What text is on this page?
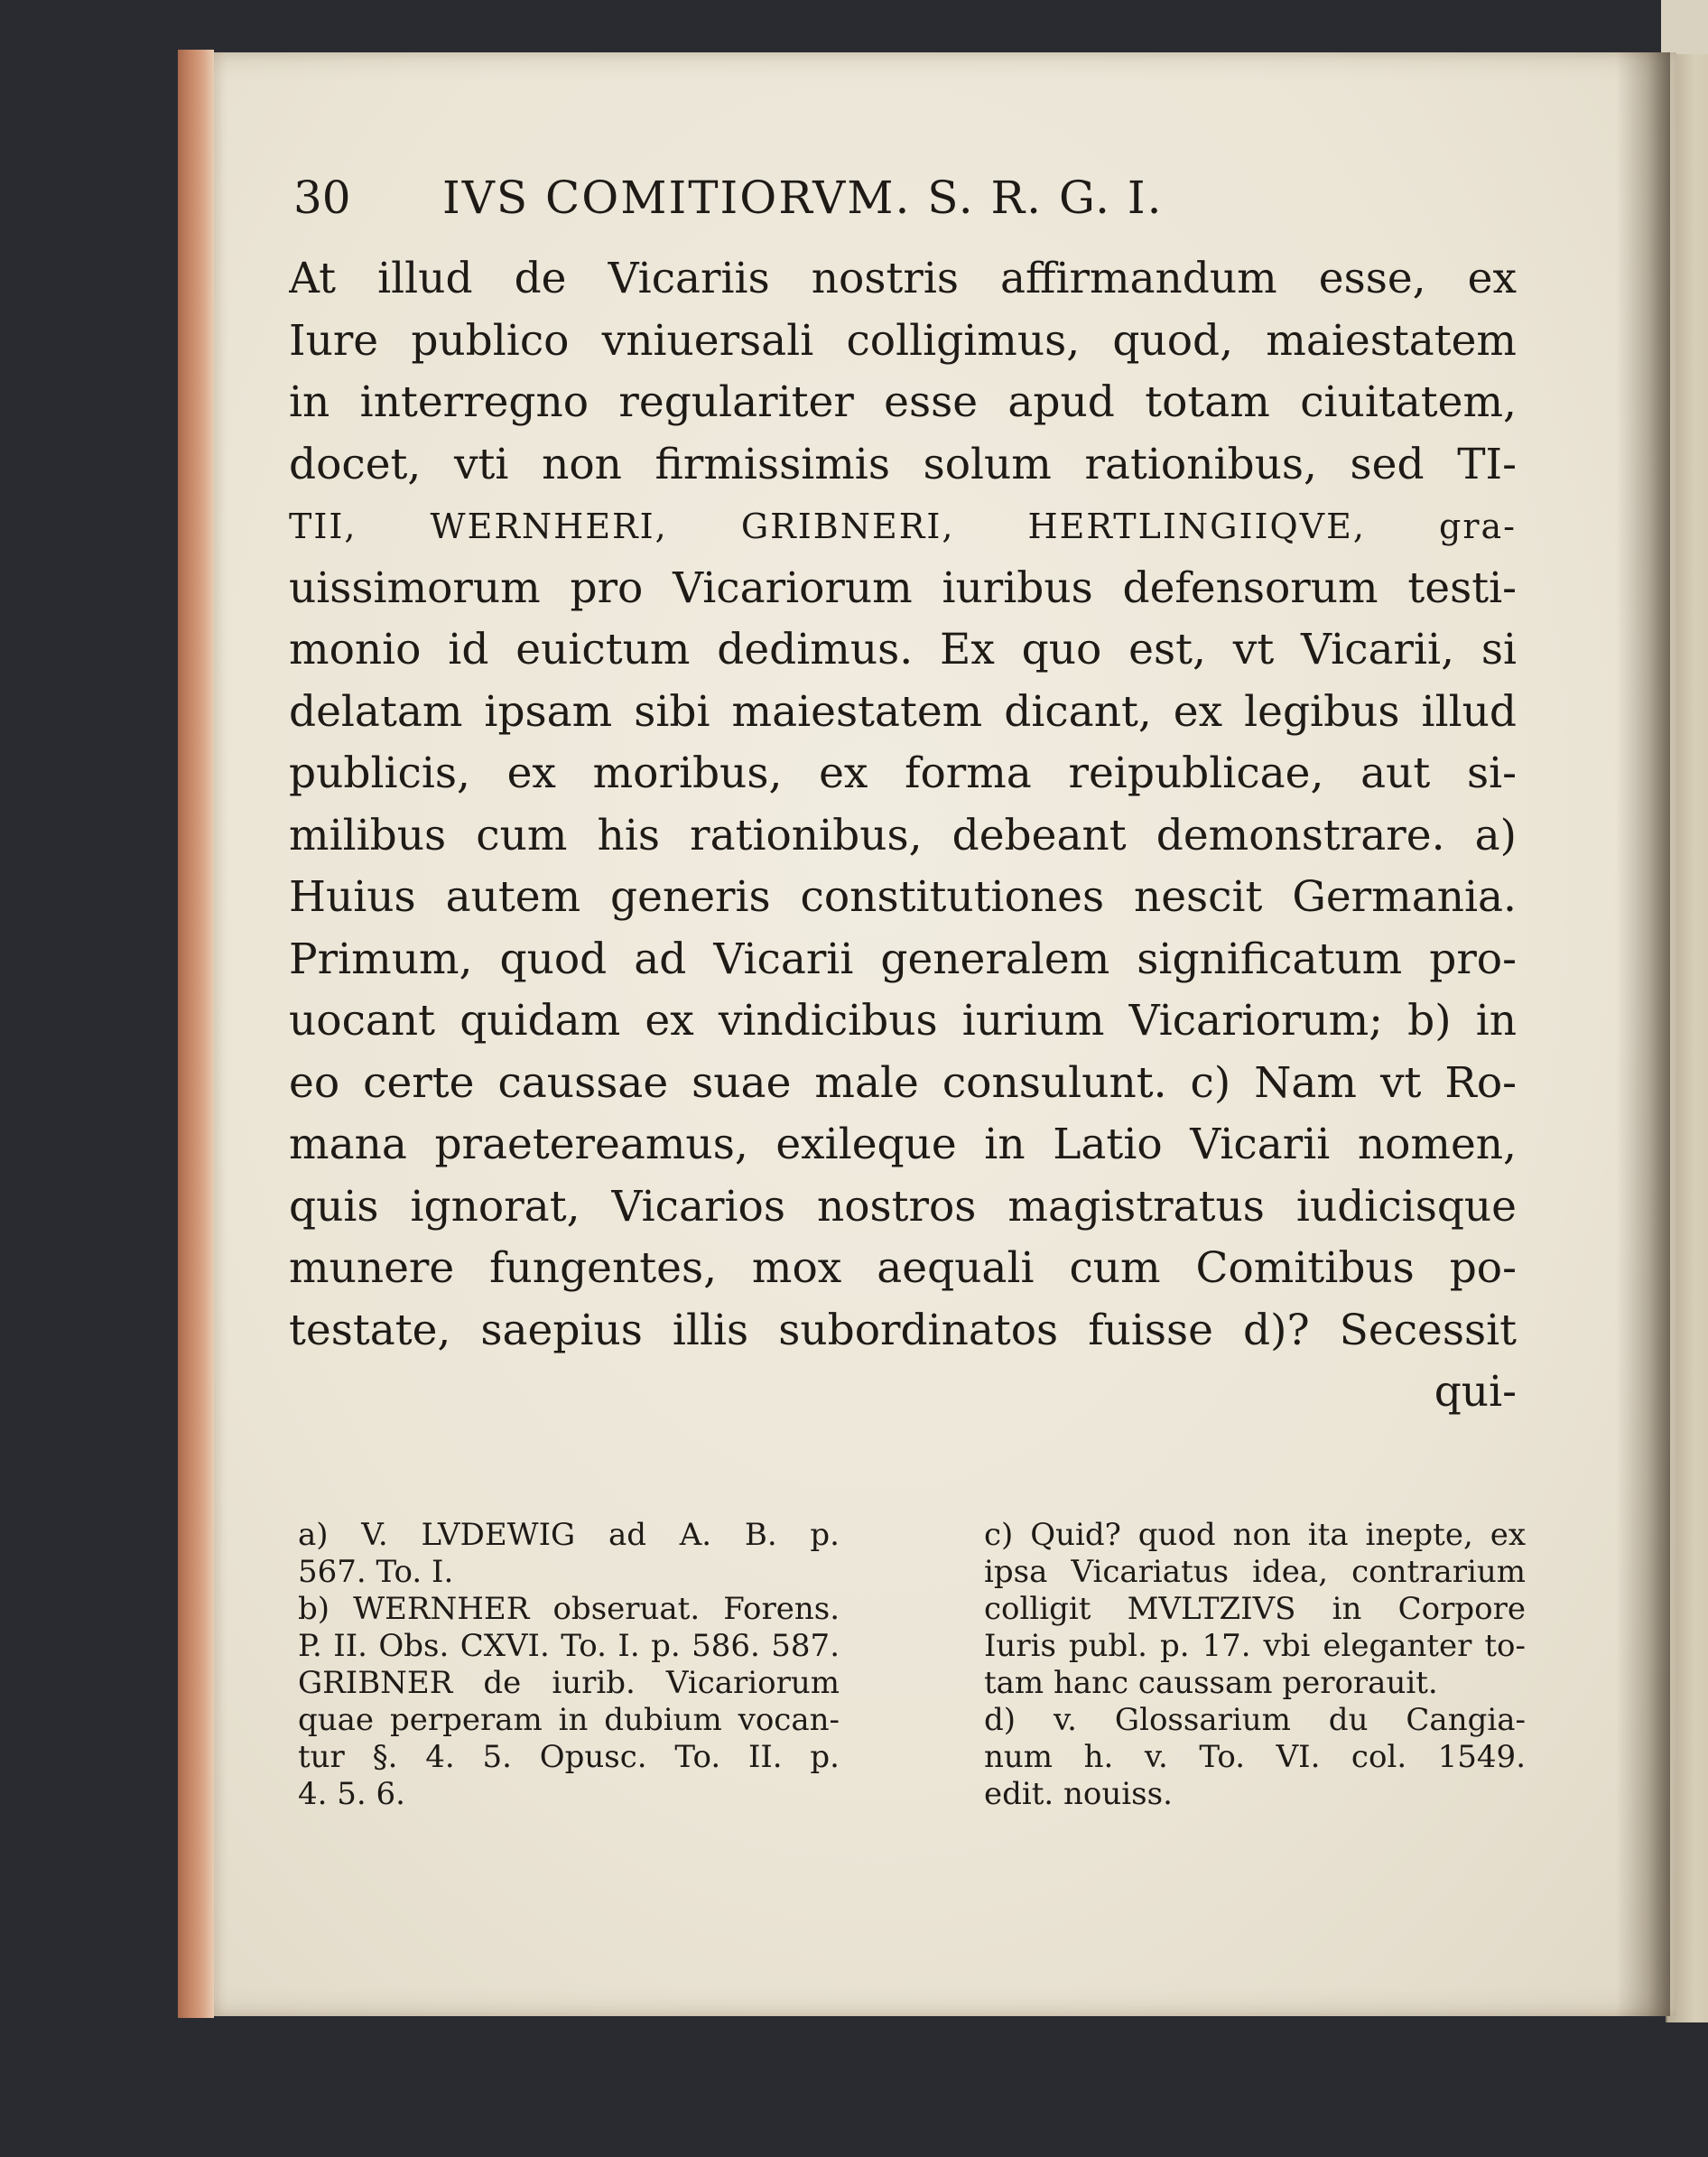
30 IVS COMITIORVM. S. R. G. I.
At illud de Vicariis nostris affirmandum esse, ex
Iure publico vniuersali colligimus, quod, maiestatem
in interregno regulariter esse apud totam ciuitatem,
docet, vti non firmissimis solum rationibus, sed TI-
TII, WERNHERI, GRIBNERI, HERTLINGIIQVE, gra-
uissimorum pro Vicariorum iuribus defensorum testi-
monio id euictum dedimus. Ex quo est, vt Vicarii, si
delatam ipsam sibi maiestatem dicant, ex legibus illud
publicis, ex moribus, ex forma reipublicae, aut si-
milibus cum his rationibus, debeant demonstrare. a)
Huius autem generis constitutiones nescit Germania.
Primum, quod ad Vicarii generalem significatum pro-
uocant quidam ex vindicibus iurium Vicariorum; b) in
eo certe caussae suae male consulunt. c) Nam vt Ro-
mana praetereamus, exileque in Latio Vicarii nomen,
quis ignorat, Vicarios nostros magistratus iudicisque
munere fungentes, mox aequali cum Comitibus po-
testate, saepius illis subordinatos fuisse d)? Secessit
qui-
a) V. LVDEWIG ad A. B. p.
567. To. I.
b) WERNHER obseruat. Forens.
P. II. Obs. CXVI. To. I. p. 586. 587.
GRIBNER de iurib. Vicariorum
quae perperam in dubium vocan-
tur §. 4. 5. Opusc. To. II. p.
4. 5. 6.
c) Quid? quod non ita inepte, ex
ipsa Vicariatus idea, contrarium
colligit MVLTZIVS in Corpore
Iuris publ. p. 17. vbi eleganter to-
tam hanc caussam perorauit.
d) v. Glossarium du Cangia-
num h. v. To. VI. col. 1549.
edit. nouiss.
